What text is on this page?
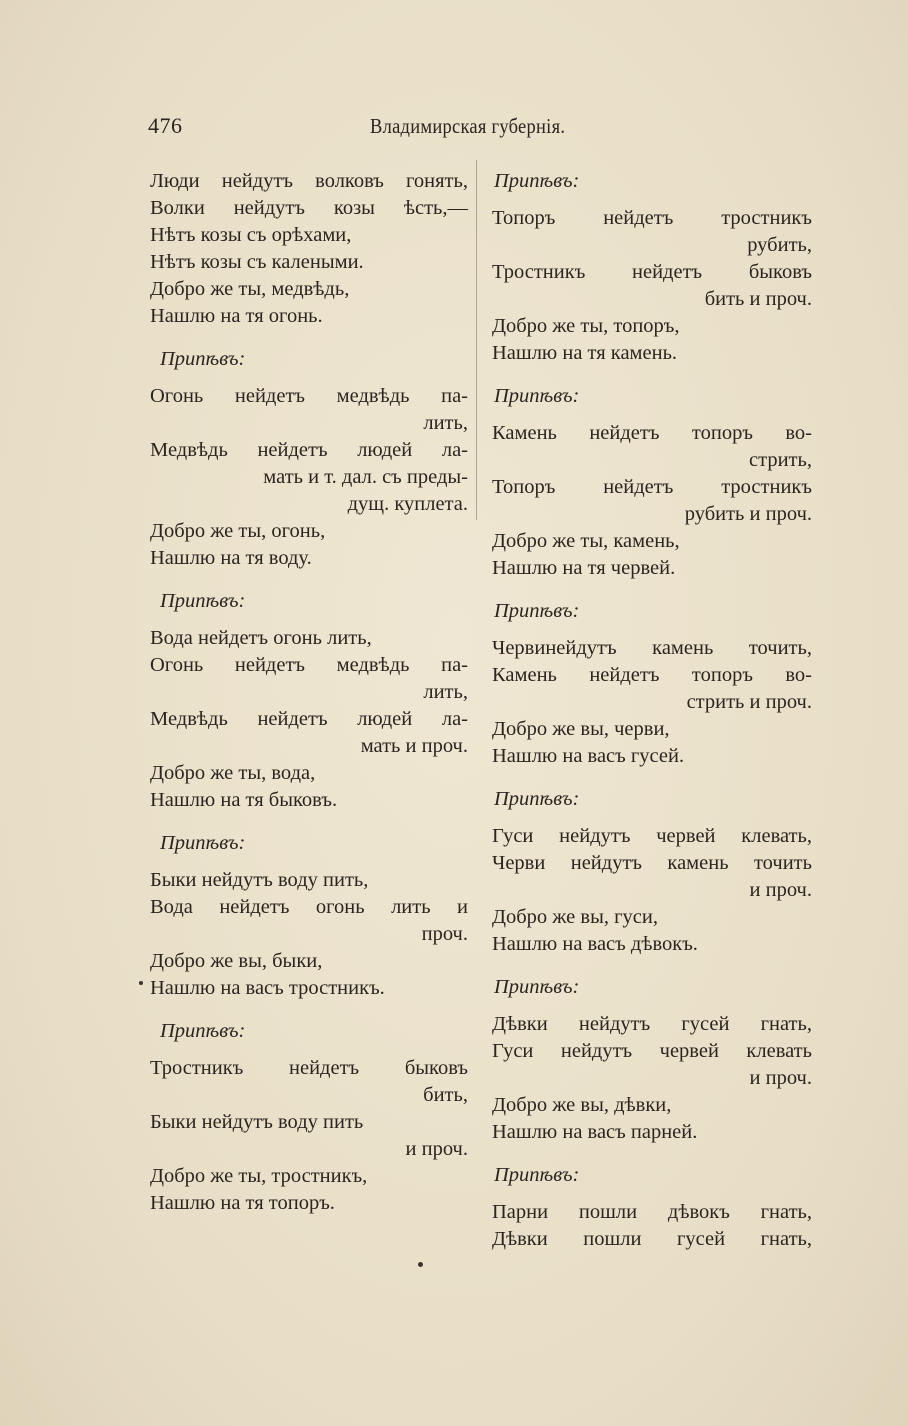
476	Владимирская губернiя.
Люди нейдутъ волковъ гонять,
Волки нейдутъ козы ѣсть,—
Нѣтъ козы съ орѣхами,
Нѣтъ козы съ калеными.
Добро же ты, медвѣдь,
Нашлю на тя огонь.
Припѣвъ:
Огонь нейдетъ медвѣдь па-
лить,
Медвѣдь нейдетъ людей ла-
мать и т. дал. съ преды-
дущ. куплета.
Добро же ты, огонь,
Нашлю на тя воду.
Припѣвъ:
Вода нейдетъ огонь лить,
Огонь нейдетъ медвѣдь па-
лить,
Медвѣдь нейдетъ людей ла-
мать и проч.
Добро же ты, вода,
Нашлю на тя быковъ.
Припѣвъ:
Быки нейдутъ воду пить,
Вода нейдетъ огонь лить и
проч.
Добро же вы, быки,
Нашлю на васъ тростникъ.
Припѣвъ:
Тростникъ нейдетъ быковъ
бить,
Быки нейдутъ воду пить
и проч.
Добро же ты, тростникъ,
Нашлю на тя топоръ.
Припѣвъ:
Топоръ нейдетъ тростникъ
рубить,
Тростникъ нейдетъ быковъ
бить и проч.
Добро же ты, топоръ,
Нашлю на тя камень.
Припѣвъ:
Камень нейдетъ топоръ во-
стрить,
Топоръ нейдетъ тростникъ
рубить и проч.
Добро же ты, камень,
Нашлю на тя червей.
Припѣвъ:
Червинейдутъ камень точить,
Камень нейдетъ топоръ во-
стрить и проч.
Добро же вы, черви,
Нашлю на васъ гусей.
Припѣвъ:
Гуси нейдутъ червей клевать,
Черви нейдутъ камень точить
и проч.
Добро же вы, гуси,
Нашлю на васъ дѣвокъ.
Припѣвъ:
Дѣвки нейдутъ гусей гнать,
Гуси нейдутъ червей клевать
и проч.
Добро же вы, дѣвки,
Нашлю на васъ парней.
Припѣвъ:
Парни пошли дѣвокъ гнать,
Дѣвки пошли гусей гнать,
